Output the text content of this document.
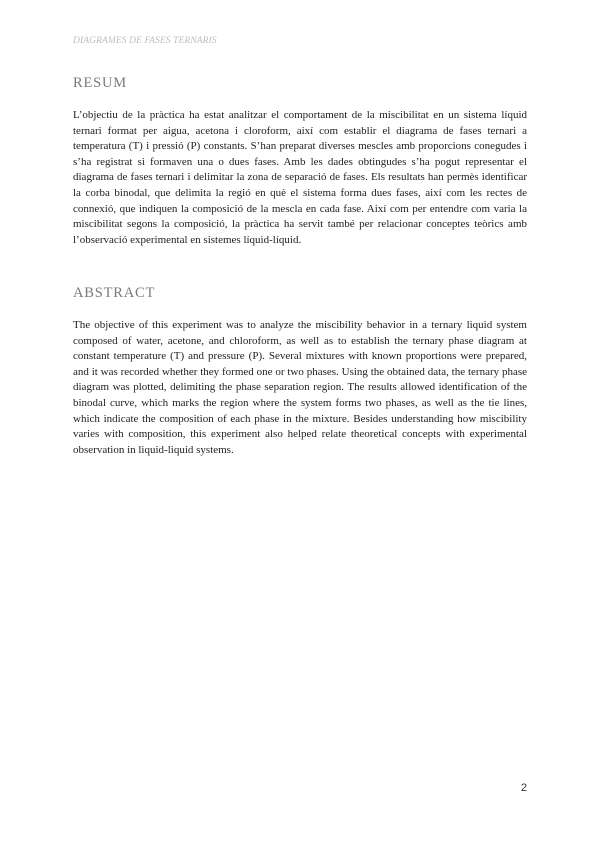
DIAGRAMES DE FASES TERNARIS
RESUM

L’objectiu de la pràctica ha estat analitzar el comportament de la miscibilitat en un sistema líquid ternari format per aigua, acetona i cloroform, així com establir el diagrama de fases ternari a temperatura (T) i pressió (P) constants. S’han preparat diverses mescles amb proporcions conegudes i s’ha registrat si formaven una o dues fases. Amb les dades obtingudes s’ha pogut representar el diagrama de fases ternari i delimitar la zona de separació de fases. Els resultats han permès identificar la corba binodal, que delimita la regió en què el sistema forma dues fases, així com les rectes de connexió, que indiquen la composició de la mescla en cada fase. Així com per entendre com varia la miscibilitat segons la composició, la pràctica ha servit també per relacionar conceptes teòrics amb l’observació experimental en sistemes líquid-líquid.

ABSTRACT

The objective of this experiment was to analyze the miscibility behavior in a ternary liquid system composed of water, acetone, and chloroform, as well as to establish the ternary phase diagram at constant temperature (T) and pressure (P). Several mixtures with known proportions were prepared, and it was recorded whether they formed one or two phases. Using the obtained data, the ternary phase diagram was plotted, delimiting the phase separation region. The results allowed identification of the binodal curve, which marks the region where the system forms two phases, as well as the tie lines, which indicate the composition of each phase in the mixture. Besides understanding how miscibility varies with composition, this experiment also helped relate theoretical concepts with experimental observation in liquid-liquid systems.

2
